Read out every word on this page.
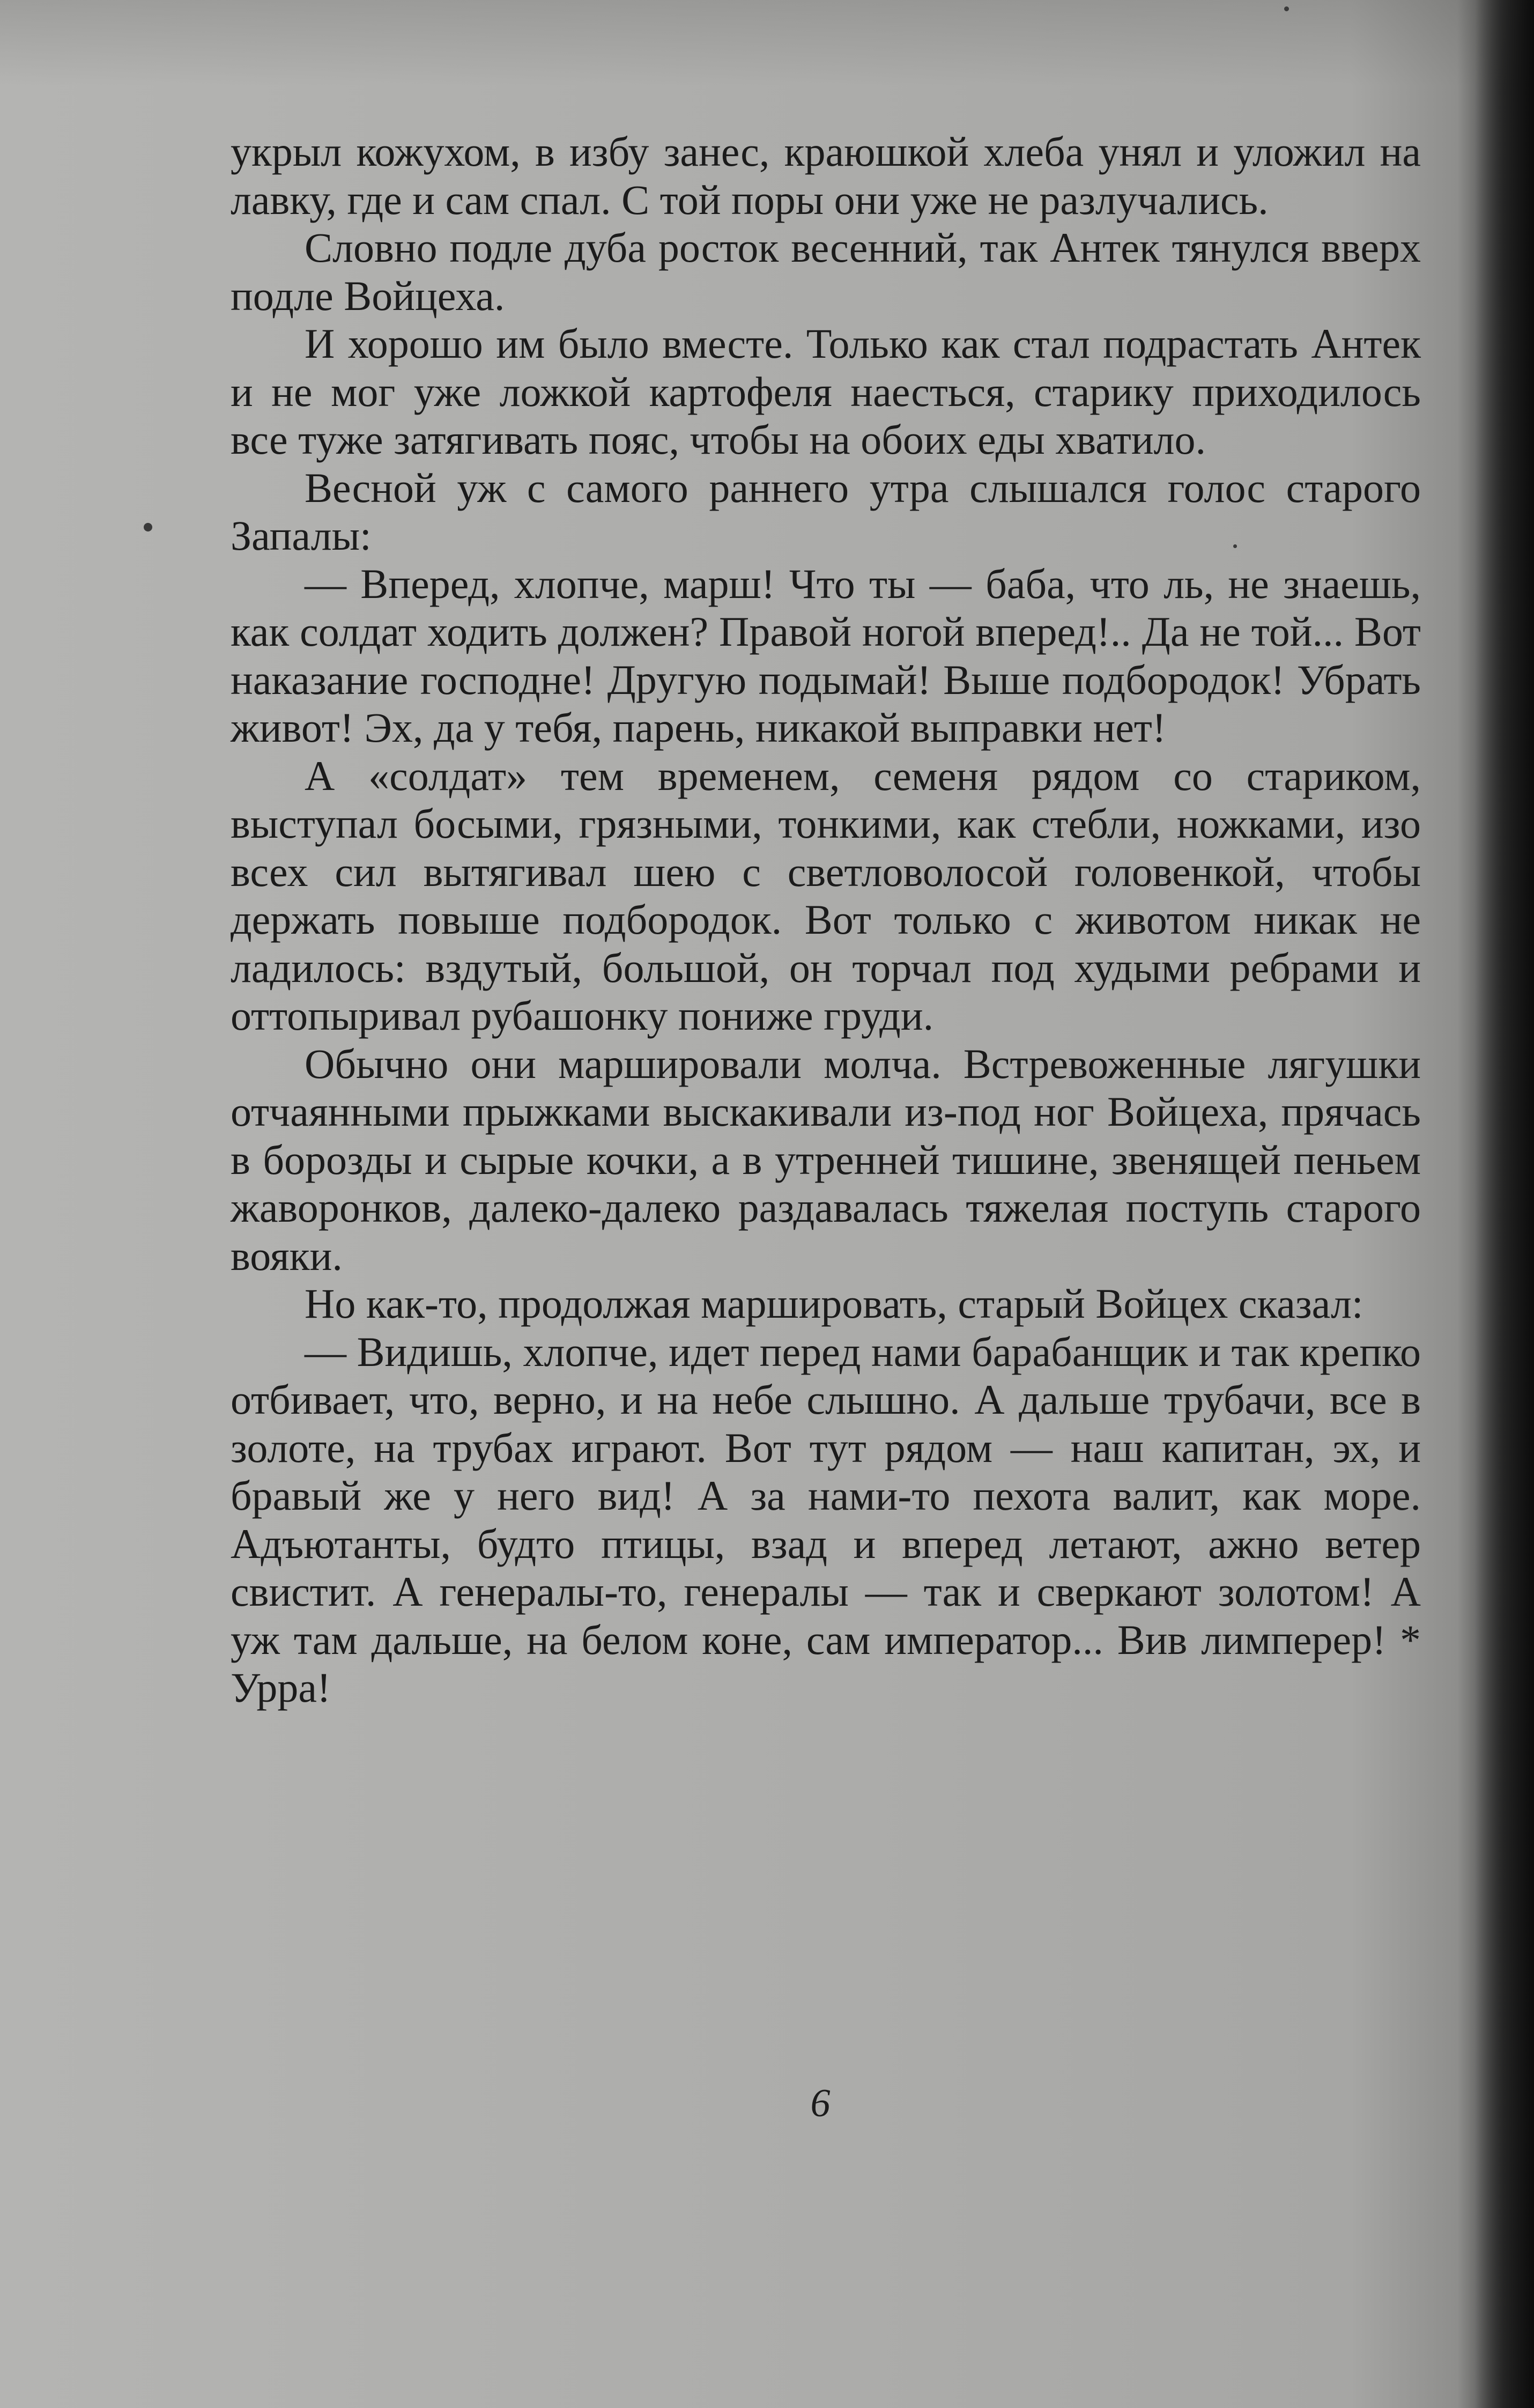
укрыл кожухом, в избу занес, краюшкой хлеба унял и уложил на лавку, где и сам спал. С той поры они уже не разлучались.

Словно подле дуба росток весенний, так Антек тянулся вверх подле Войцеха.

И хорошо им было вместе. Только как стал подрастать Антек и не мог уже ложкой картофеля наесться, старику приходилось все туже затягивать пояс, чтобы на обоих еды хватило.

Весной уж с самого раннего утра слышался голос старого Запалы:

— Вперед, хлопче, марш! Что ты — баба, что ль, не знаешь, как солдат ходить должен? Правой ногой вперед!.. Да не той... Вот наказание господне! Другую подымай! Выше подбородок! Убрать живот! Эх, да у тебя, парень, никакой выправки нет!

А «солдат» тем временем, семеня рядом со стариком, выступал босыми, грязными, тонкими, как стебли, ножками, изо всех сил вытягивал шею с светловолосой головенкой, чтобы держать повыше подбородок. Вот только с животом никак не ладилось: вздутый, большой, он торчал под худыми ребрами и оттопыривал рубашонку пониже груди.

Обычно они маршировали молча. Встревоженные лягушки отчаянными прыжками выскакивали из-под ног Войцеха, прячась в борозды и сырые кочки, а в утренней тишине, звенящей пеньем жаворонков, далеко-далеко раздавалась тяжелая поступь старого вояки.

Но как-то, продолжая маршировать, старый Войцех сказал:

— Видишь, хлопче, идет перед нами барабанщик и так крепко отбивает, что, верно, и на небе слышно. А дальше трубачи, все в золоте, на трубах играют. Вот тут рядом — наш капитан, эх, и бравый же у него вид! А за нами-то пехота валит, как море. Адъютанты, будто птицы, взад и вперед летают, ажно ветер свистит. А генералы-то, генералы — так и сверкают золотом! А уж там дальше, на белом коне, сам император... Вив лимперер! * Урра!

6
